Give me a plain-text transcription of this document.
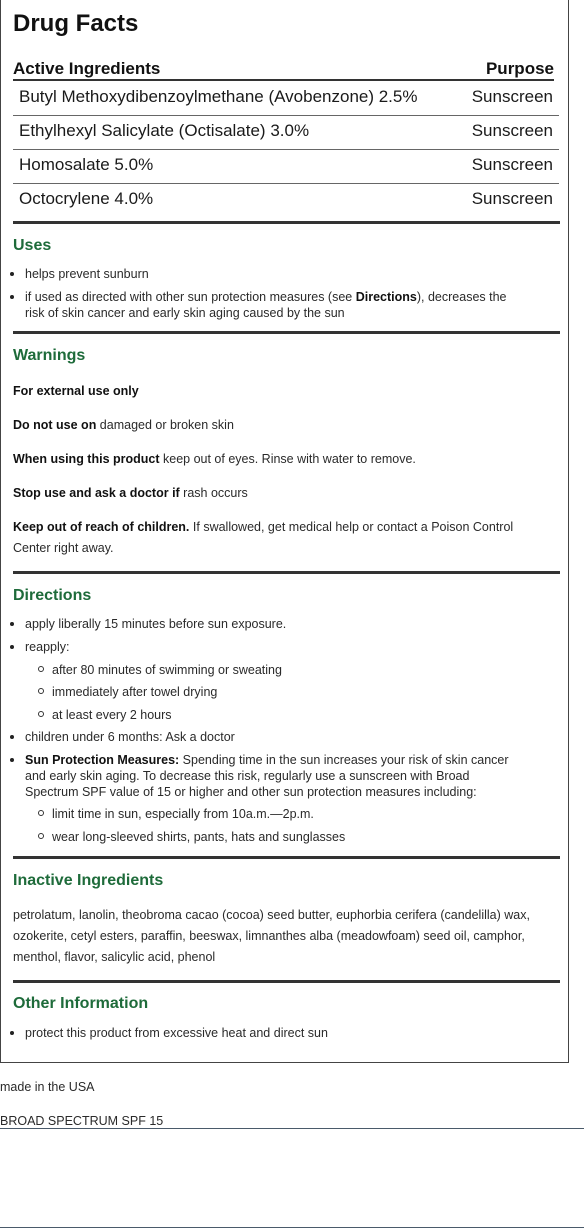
Drug Facts
Active Ingredients	Purpose
Butyl Methoxydibenzoylmethane (Avobenzone) 2.5%	Sunscreen
Ethylhexyl Salicylate (Octisalate) 3.0%	Sunscreen
Homosalate 5.0%	Sunscreen
Octocrylene 4.0%	Sunscreen
Uses
helps prevent sunburn
if used as directed with other sun protection measures (see Directions), decreases the
risk of skin cancer and early skin aging caused by the sun
Warnings
For external use only
Do not use on damaged or broken skin
When using this product keep out of eyes. Rinse with water to remove.
Stop use and ask a doctor if rash occurs
Keep out of reach of children. If swallowed, get medical help or contact a Poison Control
Center right away.
Directions
apply liberally 15 minutes before sun exposure.
reapply:
after 80 minutes of swimming or sweating
immediately after towel drying
at least every 2 hours
children under 6 months: Ask a doctor
Sun Protection Measures: Spending time in the sun increases your risk of skin cancer
and early skin aging. To decrease this risk, regularly use a sunscreen with Broad
Spectrum SPF value of 15 or higher and other sun protection measures including:
limit time in sun, especially from 10a.m.—2p.m.
wear long-sleeved shirts, pants, hats and sunglasses
Inactive Ingredients
petrolatum, lanolin, theobroma cacao (cocoa) seed butter, euphorbia cerifera (candelilla) wax,
ozokerite, cetyl esters, paraffin, beeswax, limnanthes alba (meadowfoam) seed oil, camphor,
menthol, flavor, salicylic acid, phenol
Other Information
protect this product from excessive heat and direct sun
made in the USA
BROAD SPECTRUM SPF 15
